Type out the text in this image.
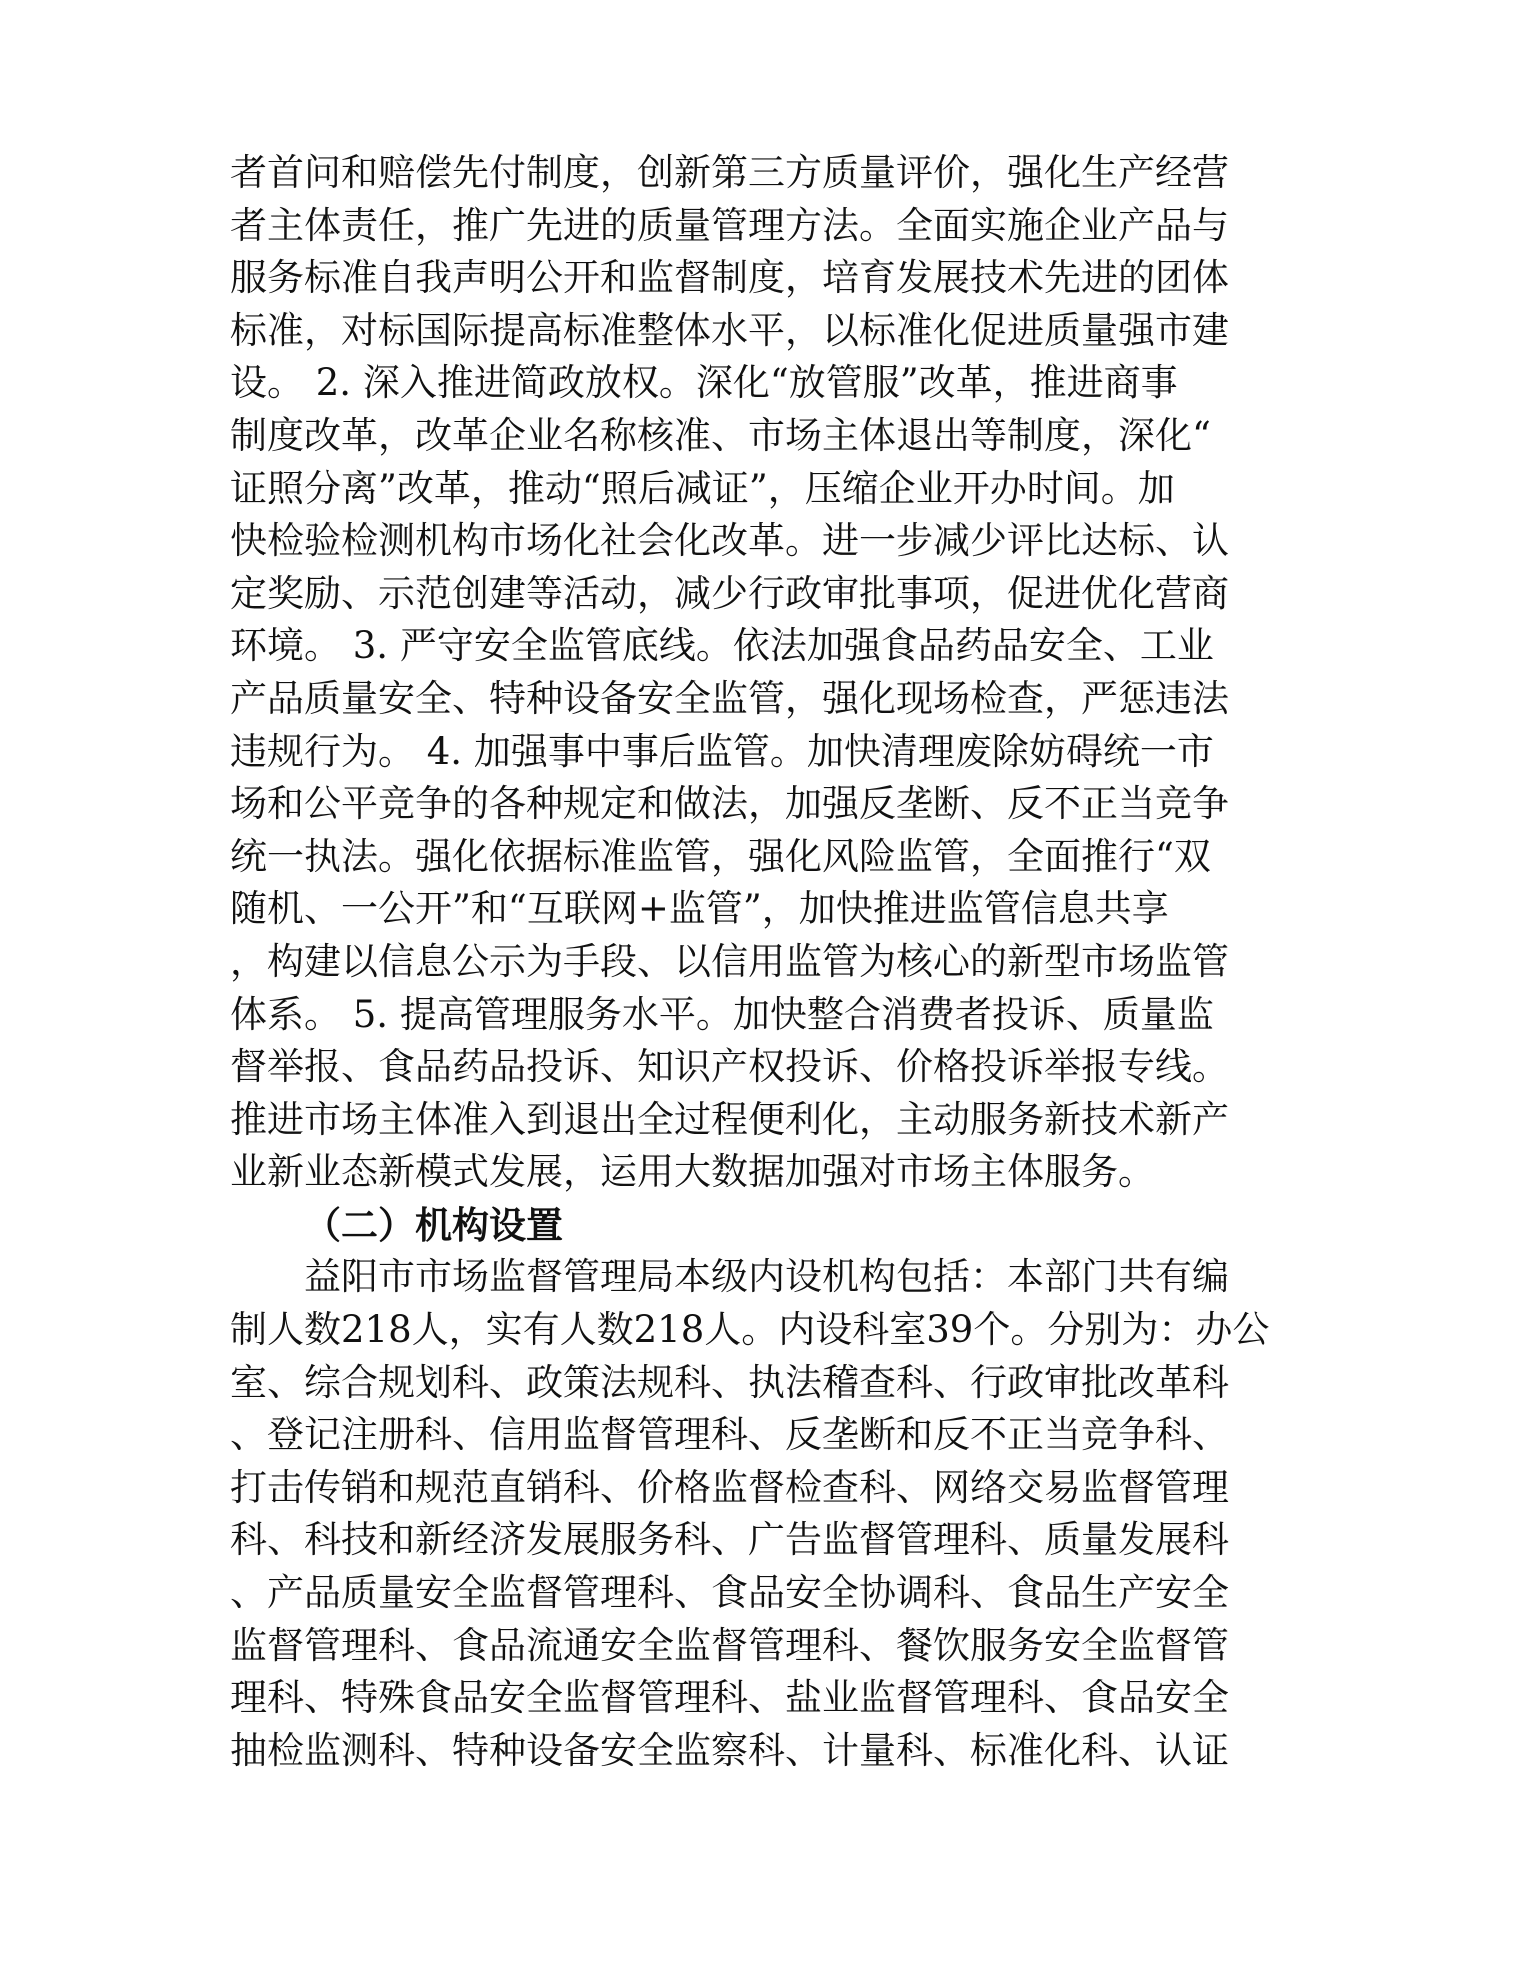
者首问和赔偿先付制度，创新第三方质量评价，强化生产经营
者主体责任，推广先进的质量管理方法。全面实施企业产品与
服务标准自我声明公开和监督制度，培育发展技术先进的团体
标准，对标国际提高标准整体水平，以标准化促进质量强市建
设。 2. 深入推进简政放权。深化“放管服”改革，推进商事
制度改革，改革企业名称核准、市场主体退出等制度，深化“
证照分离”改革，推动“照后减证”，压缩企业开办时间。加
快检验检测机构市场化社会化改革。进一步减少评比达标、认
定奖励、示范创建等活动，减少行政审批事项，促进优化营商
环境。 3. 严守安全监管底线。依法加强食品药品安全、工业
产品质量安全、特种设备安全监管，强化现场检查，严惩违法
违规行为。 4. 加强事中事后监管。加快清理废除妨碍统一市
场和公平竞争的各种规定和做法，加强反垄断、反不正当竞争
统一执法。强化依据标准监管，强化风险监管，全面推行“双
随机、一公开”和“互联网+监管”，加快推进监管信息共享
，构建以信息公示为手段、以信用监管为核心的新型市场监管
体系。 5. 提高管理服务水平。加快整合消费者投诉、质量监
督举报、食品药品投诉、知识产权投诉、价格投诉举报专线。
推进市场主体准入到退出全过程便利化，主动服务新技术新产
业新业态新模式发展，运用大数据加强对市场主体服务。
（二）机构设置
　　益阳市市场监督管理局本级内设机构包括：本部门共有编
制人数218人，实有人数218人。内设科室39个。分别为：办公
室、综合规划科、政策法规科、执法稽查科、行政审批改革科
、登记注册科、信用监督管理科、反垄断和反不正当竞争科、
打击传销和规范直销科、价格监督检查科、网络交易监督管理
科、科技和新经济发展服务科、广告监督管理科、质量发展科
、产品质量安全监督管理科、食品安全协调科、食品生产安全
监督管理科、食品流通安全监督管理科、餐饮服务安全监督管
理科、特殊食品安全监督管理科、盐业监督管理科、食品安全
抽检监测科、特种设备安全监察科、计量科、标准化科、认证
